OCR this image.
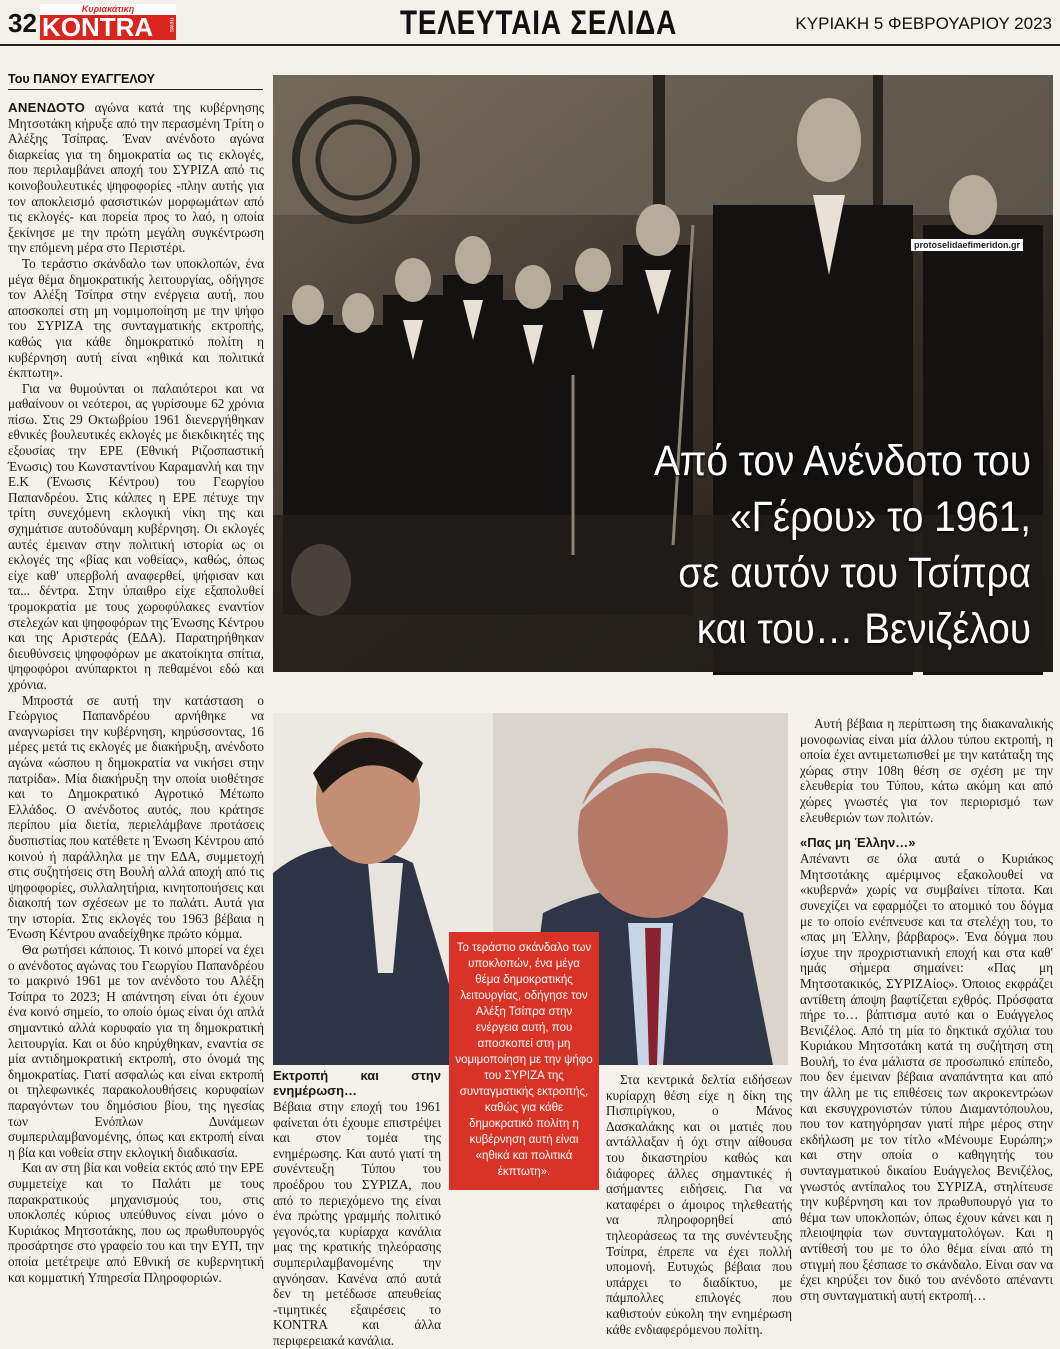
32	Κυριακάτικη
KONTRA news	ΤΕΛΕΥΤΑΙΑ ΣΕΛΙΔΑ	ΚΥΡΙΑΚΗ 5 ΦΕΒΡΟΥΑΡΙΟΥ 2023
Του ΠΑΝΟΥ ΕΥΑΓΓΕΛΟΥ

ΑΝΕΝΔΟΤΟ αγώνα κατά της κυβέρνησης Μητσοτάκη κήρυξε από την περασμένη Τρίτη ο Αλέξης Τσίπρας. Έναν ανένδοτο αγώνα διαρκείας για τη δημοκρατία ως τις εκλογές, που περιλαμβάνει αποχή του ΣΥΡΙΖΑ από τις κοινοβουλευτικές ψηφοφορίες -πλην αυτής για τον αποκλεισμό φασιστικών μορφωμάτων από τις εκλογές- και πορεία προς το λαό, η οποία ξεκίνησε με την πρώτη μεγάλη συγκέντρωση την επόμενη μέρα στο Περιστέρι.

Το τεράστιο σκάνδαλο των υποκλοπών, ένα μέγα θέμα δημοκρατικής λειτουργίας, οδήγησε τον Αλέξη Τσίπρα στην ενέργεια αυτή, που αποσκοπεί στη μη νομιμοποίηση με την ψήφο του ΣΥΡΙΖΑ της συνταγματικής εκτροπής, καθώς για κάθε δημοκρατικό πολίτη η κυβέρνηση αυτή είναι «ηθικά και πολιτικά έκπτωτη».

Για να θυμούνται οι παλαιότεροι και να μαθαίνουν οι νεότεροι, ας γυρίσουμε 62 χρόνια πίσω. Στις 29 Οκτωβρίου 1961 διενεργήθηκαν εθνικές βουλευτικές εκλογές με διεκδικητές της εξουσίας την ΕΡΕ (Εθνική Ριζοσπαστική Ένωσις) του Κωνσταντίνου Καραμανλή και την Ε.Κ (Ένωσις Κέντρου) του Γεωργίου Παπανδρέου. Στις κάλπες η ΕΡΕ πέτυχε την τρίτη συνεχόμενη εκλογική νίκη της και σχημάτισε αυτοδύναμη κυβέρνηση. Οι εκλογές αυτές έμειναν στην πολιτική ιστορία ως οι εκλογές της «βίας και νοθείας», καθώς, όπως είχε καθ' υπερβολή αναφερθεί, ψήφισαν και τα... δέντρα. Στην ύπαιθρο είχε εξαπολυθεί τρομοκρατία με τους χωροφύλακες εναντίον στελεχών και ψηφοφόρων της Ένωσης Κέντρου και της Αριστεράς (ΕΔΑ). Παρατηρήθηκαν διευθύνσεις ψηφοφόρων με ακατοίκητα σπίτια, ψηφοφόροι ανύπαρκτοι η πεθαμένοι εδώ και χρόνια.

Μπροστά σε αυτή την κατάσταση ο Γεώργιος Παπανδρέου αρνήθηκε να αναγνωρίσει την κυβέρνηση, κηρύσσοντας, 16 μέρες μετά τις εκλογές με διακήρυξη, ανένδοτο αγώνα «ώσπου η δημοκρατία να νικήσει στην πατρίδα». Μία διακήρυξη την οποία υιοθέτησε και το Δημοκρατικό Αγροτικό Μέτωπο Ελλάδος. Ο ανένδοτος αυτός, που κράτησε περίπου μία διετία, περιελάμβανε προτάσεις δυσπιστίας που κατέθετε η Ένωση Κέντρου από κοινού ή παράλληλα με την ΕΔΑ, συμμετοχή στις συζητήσεις στη Βουλή αλλά αποχή από τις ψηφοφορίες, συλλαλητήρια, κινητοποιήσεις και διακοπή των σχέσεων με το παλάτι. Αυτά για την ιστορία. Στις εκλογές του 1963 βέβαια η Ένωση Κέντρου αναδείχθηκε πρώτο κόμμα.

Θα ρωτήσει κάποιος. Τι κοινό μπορεί να έχει ο ανένδοτος αγώνας του Γεωργίου Παπανδρέου το μακρινό 1961 με τον ανένδοτο του Αλέξη Τσίπρα το 2023; Η απάντηση είναι ότι έχουν ένα κοινό σημείο, το οποίο όμως είναι όχι απλά σημαντικό αλλά κορυφαίο για τη δημοκρατική λειτουργία. Και οι δύο κηρύχθηκαν, εναντία σε μία αντιδημοκρατική εκτροπή, στο όνομά της δημοκρατίας. Γιατί ασφαλώς και είναι εκτροπή οι τηλεφωνικές παρακολουθήσεις κορυφαίων παραγόντων του δημόσιου βίου, της ηγεσίας των Ενόπλων Δυνάμεων συμπεριλαμβανομένης, όπως και εκτροπή είναι η βία και νοθεία στην εκλογική διαδικασία.

Και αν στη βία και νοθεία εκτός από την ΕΡΕ συμμετείχε και το Παλάτι με τους παρακρατικούς μηχανισμούς του, στις υποκλοπές κύριος υπεύθυνος είναι μόνο ο Κυριάκος Μητσοτάκης, που ως πρωθυπουργός προσάρτησε στο γραφείο του και την ΕΥΠ, την οποία μετέτρεψε από Εθνική σε κυβερνητική και κομματική Υπηρεσία Πληροφοριών.

protoselidaefimeridon.gr
Από τον Ανένδοτο του
«Γέρου» το 1961,
σε αυτόν του Τσίπρα
και του… Βενιζέλου
Το τεράστιο σκάνδαλο των υποκλοπών, ένα μέγα θέμα δημοκρατικής λειτουργίας, οδήγησε τον Αλέξη Τσίπρα στην ενέργεια αυτή, που αποσκοπεί στη μη νομιμοποίηση με την ψήφο του ΣΥΡΙΖΑ της συνταγματικής εκτροπής, καθώς για κάθε δημοκρατικό πολίτη η κυβέρνηση αυτή είναι «ηθικά και πολιτικά έκπτωτη».
Εκτροπή και στην ενημέρωση…

Βέβαια στην εποχή του 1961 φαίνεται ότι έχουμε επιστρέψει και στον τομέα της ενημέρωσης. Και αυτό γιατί τη συνέντευξη Τύπου του προέδρου του ΣΥΡΙΖΑ, που από το περιεχόμενο της είναι ένα πρώτης γραμμής πολιτικό γεγονός,τα κυρίαρχα κανάλια μας της κρατικής τηλεόρασης συμπεριλαμβανομένης την αγνόησαν. Κανένα από αυτά δεν τη μετέδωσε απευθείας -τιμητικές εξαιρέσεις το KONTRA και άλλα περιφερειακά κανάλια.

Στα κεντρικά δελτία ειδήσεων κυρίαρχη θέση είχε η δίκη της Πισπιρίγκου, ο Μάνος Δασκαλάκης και οι ματιές που αντάλλαξαν ή όχι στην αίθουσα του δικαστηρίου καθώς και διάφορες άλλες σημαντικές ή ασήμαντες ειδήσεις. Για να καταφέρει ο άμοιρος τηλεθεατής να πληροφορηθεί από τηλεοράσεως τα της συνέντευξης Τσίπρα, έπρεπε να έχει πολλή υπομονή. Ευτυχώς βέβαια που υπάρχει το διαδίκτυο, με πάμπολλες επιλογές που καθιστούν εύκολη την ενημέρωση κάθε ενδιαφερόμενου πολίτη.

Αυτή βέβαια η περίπτωση της διακαναλικής μονοφωνίας είναι μία άλλου τύπου εκτροπή, η οποία έχει αντιμετωπισθεί με την κατάταξη της χώρας στην 108η θέση σε σχέση με την ελευθερία του Τύπου, κάτω ακόμη και από χώρες γνωστές για τον περιορισμό των ελευθεριών των πολιτών.

«Πας μη Έλλην…»

Απέναντι σε όλα αυτά ο Κυριάκος Μητσοτάκης αμέριμνος εξακολουθεί να «κυβερνά» χωρίς να συμβαίνει τίποτα. Και συνεχίζει να εφαρμόζει το ατομικό του δόγμα με το οποίο ενέπνευσε και τα στελέχη του, το «πας μη Έλλην, βάρβαρος». Ένα δόγμα που ίσχυε την προχριστιανική εποχή και στα καθ' ημάς σήμερα σημαίνει: «Πας μη Μητσοτακικός, ΣΥΡΙΖΑίος». Όποιος εκφράζει αντίθετη άποψη βαφτίζεται εχθρός. Πρόσφατα πήρε το… βάπτισμα αυτό και ο Ευάγγελος Βενιζέλος. Από τη μία το δηκτικά σχόλια του Κυριάκου Μητσοτάκη κατά τη συζήτηση στη Βουλή, το ένα μάλιστα σε προσωπικό επίπεδο, που δεν έμειναν βέβαια αναπάντητα και από την άλλη με τις επιθέσεις των ακροκεντρώων και εκσυγχρονιστών τύπου Διαμαντόπουλου, που τον κατηγόρησαν γιατί πήρε μέρος στην εκδήλωση με τον τίτλο «Μένουμε Ευρώπη;» και στην οποία ο καθηγητής του συνταγματικού δικαίου Ευάγγελος Βενιζέλος, γνωστός αντίπαλος του ΣΥΡΙΖΑ, στηλίτευσε την κυβέρνηση και τον πρωθυπουργό για το θέμα των υποκλοπών, όπως έχουν κάνει και η πλειοψηφία των συνταγματολόγων. Και η αντίθεσή του με το όλο θέμα είναι από τη στιγμή που ξέσπασε το σκάνδαλο. Είναι σαν να έχει κηρύξει τον δικό του ανένδοτο απέναντι στη συνταγματική αυτή εκτροπή…
